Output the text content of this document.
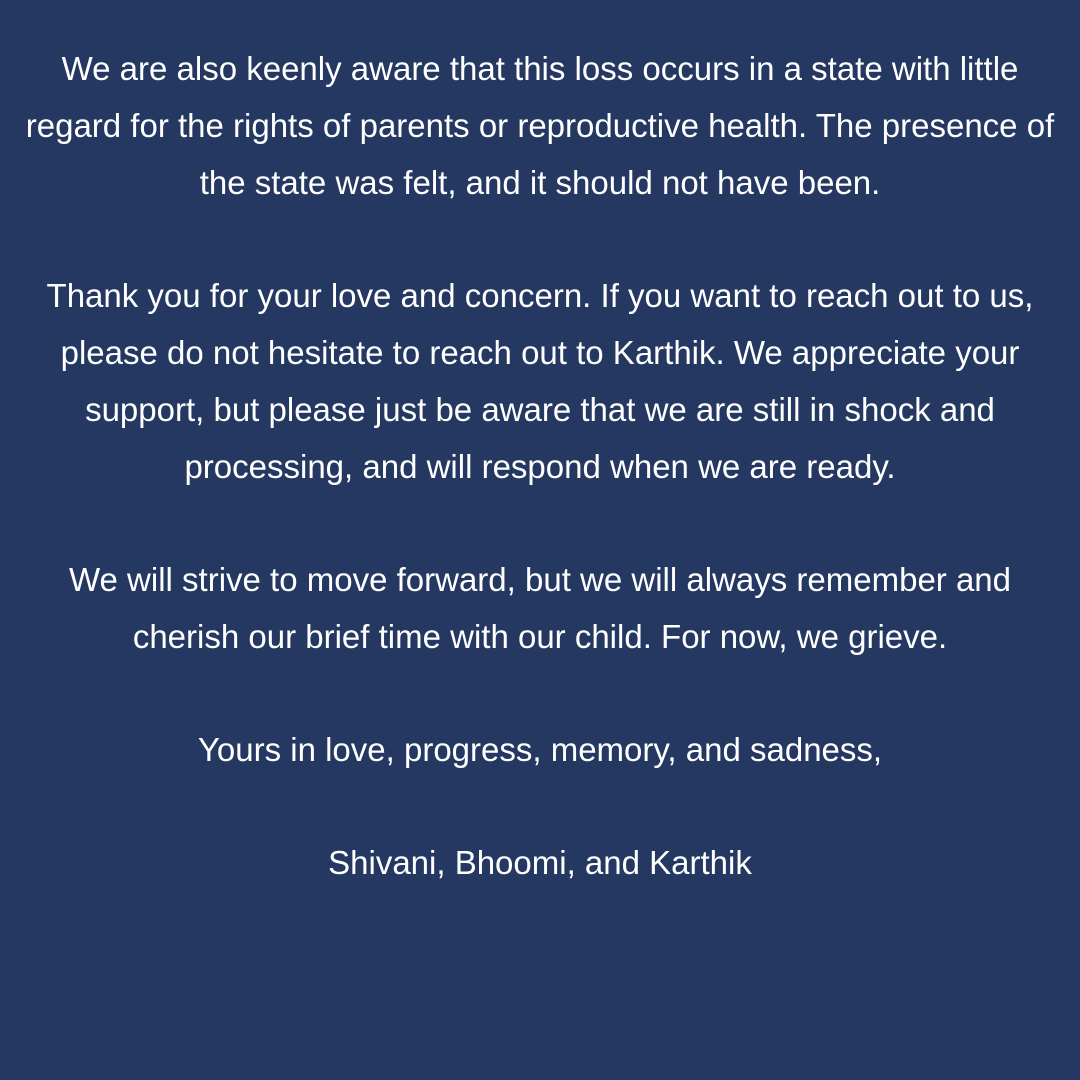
We are also keenly aware that this loss occurs in a state with little regard for the rights of parents or reproductive health. The presence of the state was felt, and it should not have been.

Thank you for your love and concern. If you want to reach out to us, please do not hesitate to reach out to Karthik. We appreciate your support, but please just be aware that we are still in shock and processing, and will respond when we are ready.

We will strive to move forward, but we will always remember and cherish our brief time with our child. For now, we grieve.

Yours in love, progress, memory, and sadness,

Shivani, Bhoomi, and Karthik
